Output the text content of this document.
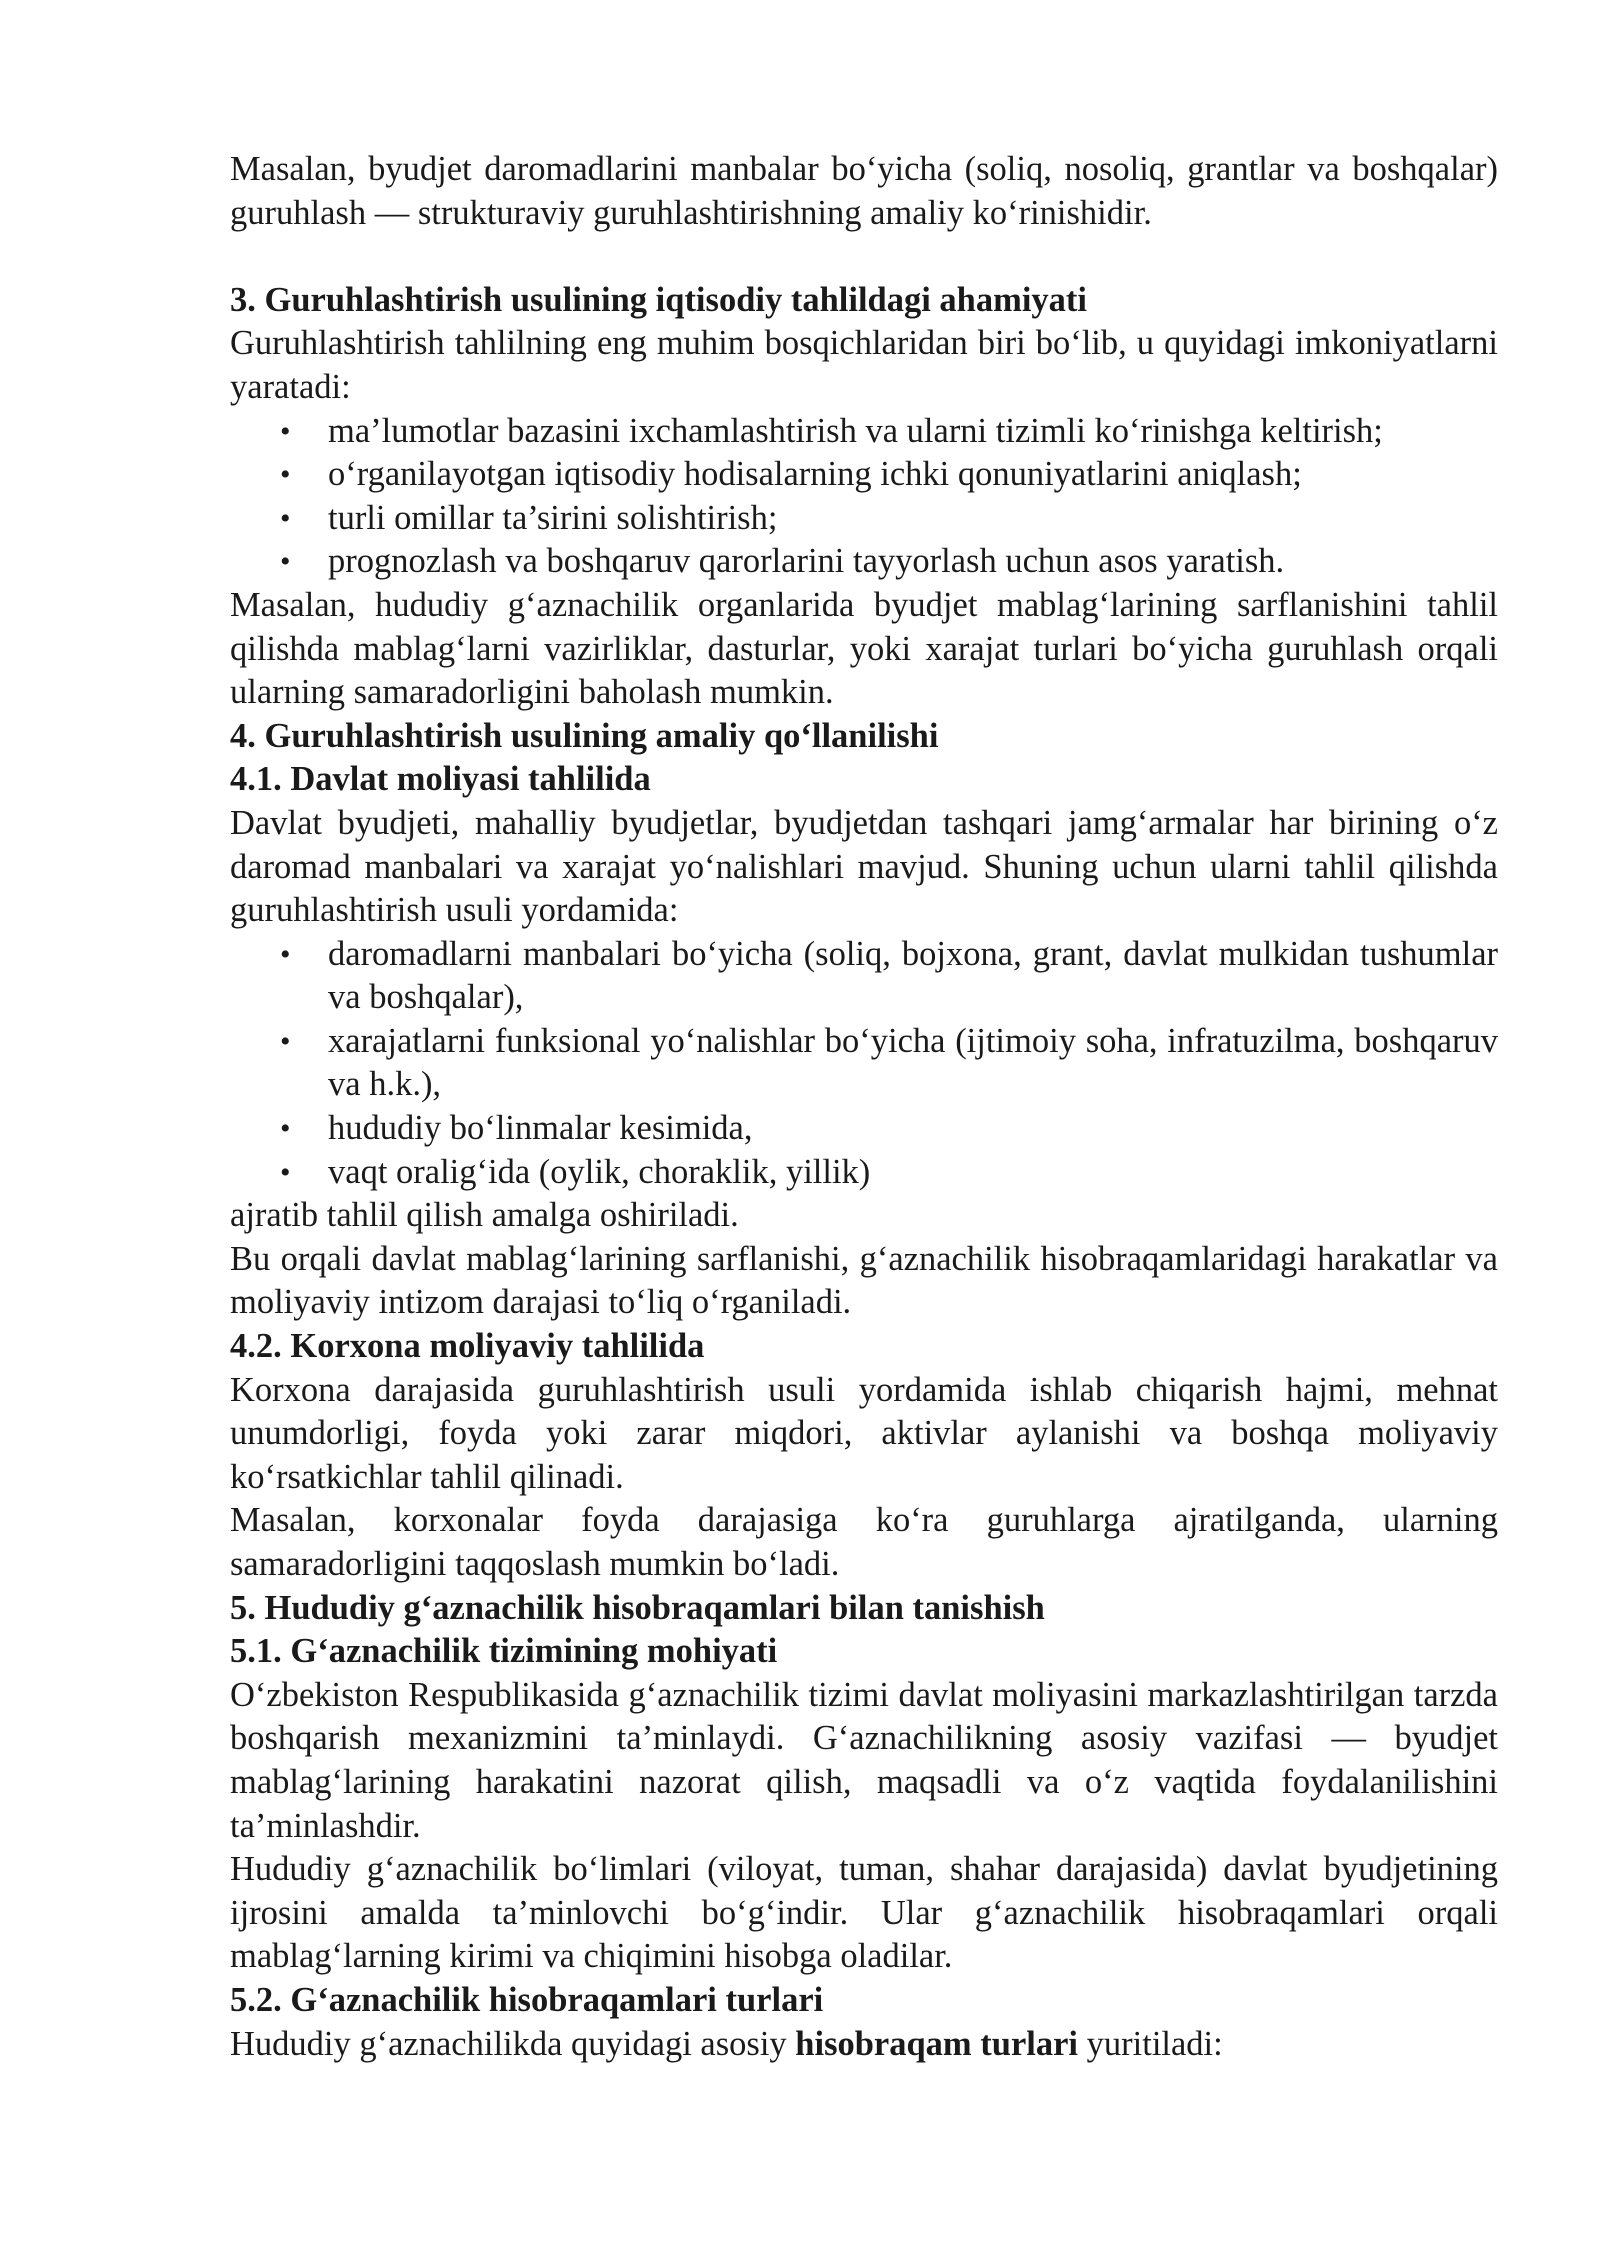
Masalan, byudjet daromadlarini manbalar bo‘yicha (soliq, nosoliq, grantlar va boshqalar) guruhlash — strukturaviy guruhlashtirishning amaliy ko‘rinishidir.

3. Guruhlashtirish usulining iqtisodiy tahlildagi ahamiyati

Guruhlashtirish tahlilning eng muhim bosqichlaridan biri bo‘lib, u quyidagi imkoniyatlarni yaratadi:

• ma’lumotlar bazasini ixchamlashtirish va ularni tizimli ko‘rinishga keltirish;
• o‘rganilayotgan iqtisodiy hodisalarning ichki qonuniyatlarini aniqlash;
• turli omillar ta’sirini solishtirish;
• prognozlash va boshqaruv qarorlarini tayyorlash uchun asos yaratish.

Masalan, hududiy g‘aznachilik organlarida byudjet mablag‘larining sarflanishini tahlil qilishda mablag‘larni vazirliklar, dasturlar, yoki xarajat turlari bo‘yicha guruhlash orqali ularning samaradorligini baholash mumkin.

4. Guruhlashtirish usulining amaliy qo‘llanilishi
4.1. Davlat moliyasi tahlilida

Davlat byudjeti, mahalliy byudjetlar, byudjetdan tashqari jamg‘armalar har birining o‘z daromad manbalari va xarajat yo‘nalishlari mavjud. Shuning uchun ularni tahlil qilishda guruhlashtirish usuli yordamida:

• daromadlarni manbalari bo‘yicha (soliq, bojxona, grant, davlat mulkidan tushumlar va boshqalar),
• xarajatlarni funksional yo‘nalishlar bo‘yicha (ijtimoiy soha, infratuzilma, boshqaruv va h.k.),
• hududiy bo‘linmalar kesimida,
• vaqt oralig‘ida (oylik, choraklik, yillik)

ajratib tahlil qilish amalga oshiriladi.

Bu orqali davlat mablag‘larining sarflanishi, g‘aznachilik hisobraqamlaridagi harakatlar va moliyaviy intizom darajasi to‘liq o‘rganiladi.

4.2. Korxona moliyaviy tahlilida

Korxona darajasida guruhlashtirish usuli yordamida ishlab chiqarish hajmi, mehnat unumdorligi, foyda yoki zarar miqdori, aktivlar aylanishi va boshqa moliyaviy ko‘rsatkichlar tahlil qilinadi.

Masalan, korxonalar foyda darajasiga ko‘ra guruhlarga ajratilganda, ularning samaradorligini taqqoslash mumkin bo‘ladi.

5. Hududiy g‘aznachilik hisobraqamlari bilan tanishish
5.1. G‘aznachilik tizimining mohiyati

O‘zbekiston Respublikasida g‘aznachilik tizimi davlat moliyasini markazlashtirilgan tarzda boshqarish mexanizmini ta’minlaydi. G‘aznachilikning asosiy vazifasi — byudjet mablag‘larining harakatini nazorat qilish, maqsadli va o‘z vaqtida foydalanilishini ta’minlashdir.

Hududiy g‘aznachilik bo‘limlari (viloyat, tuman, shahar darajasida) davlat byudjetining ijrosini amalda ta’minlovchi bo‘g‘indir. Ular g‘aznachilik hisobraqamlari orqali mablag‘larning kirimi va chiqimini hisobga oladilar.

5.2. G‘aznachilik hisobraqamlari turlari

Hududiy g‘aznachilikda quyidagi asosiy hisobraqam turlari yuritiladi:
